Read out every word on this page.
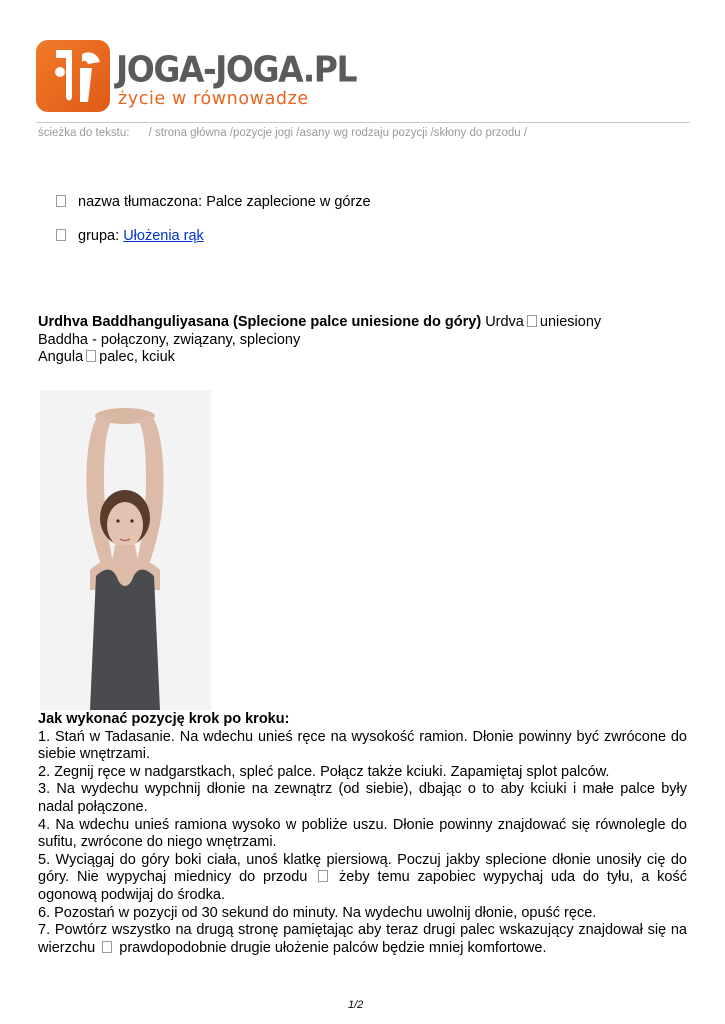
JOGA-JOGA.PL
życie w równowadze
ścieżka do tekstu: / strona główna /pozycje jogi /asany wg rodzaju pozycji /skłony do przodu /
nazwa tłumaczona: Palce zaplecione w górze
grupa: Ułożenia rąk
Urdhva Baddhanguliyasana (Splecione palce uniesione do góry) Urdva uniesiony
Baddha - połączony, związany, spleciony
Angula palec, kciuk
Jak wykonać pozycję krok po kroku:

1. Stań w Tadasanie. Na wdechu unieś ręce na wysokość ramion. Dłonie powinny być zwrócone do siebie wnętrzami.

2. Zegnij ręce w nadgarstkach, spleć palce. Połącz także kciuki. Zapamiętaj splot palców.

3. Na wydechu wypchnij dłonie na zewnątrz (od siebie), dbając o to aby kciuki i małe palce były nadal połączone.

4. Na wdechu unieś ramiona wysoko w pobliże uszu. Dłonie powinny znajdować się równolegle do sufitu, zwrócone do niego wnętrzami.

5. Wyciągaj do góry boki ciała, unoś klatkę piersiową. Poczuj jakby splecione dłonie unosiły cię do góry. Nie wypychaj miednicy do przodu żeby temu zapobiec wypychaj uda do tyłu, a kość ogonową podwijaj do środka.

6. Pozostań w pozycji od 30 sekund do minuty. Na wydechu uwolnij dłonie, opuść ręce.

7. Powtórz wszystko na drugą stronę pamiętając aby teraz drugi palec wskazujący znajdował się na wierzchu prawdopodobnie drugie ułożenie palców będzie mniej komfortowe.

1/2
